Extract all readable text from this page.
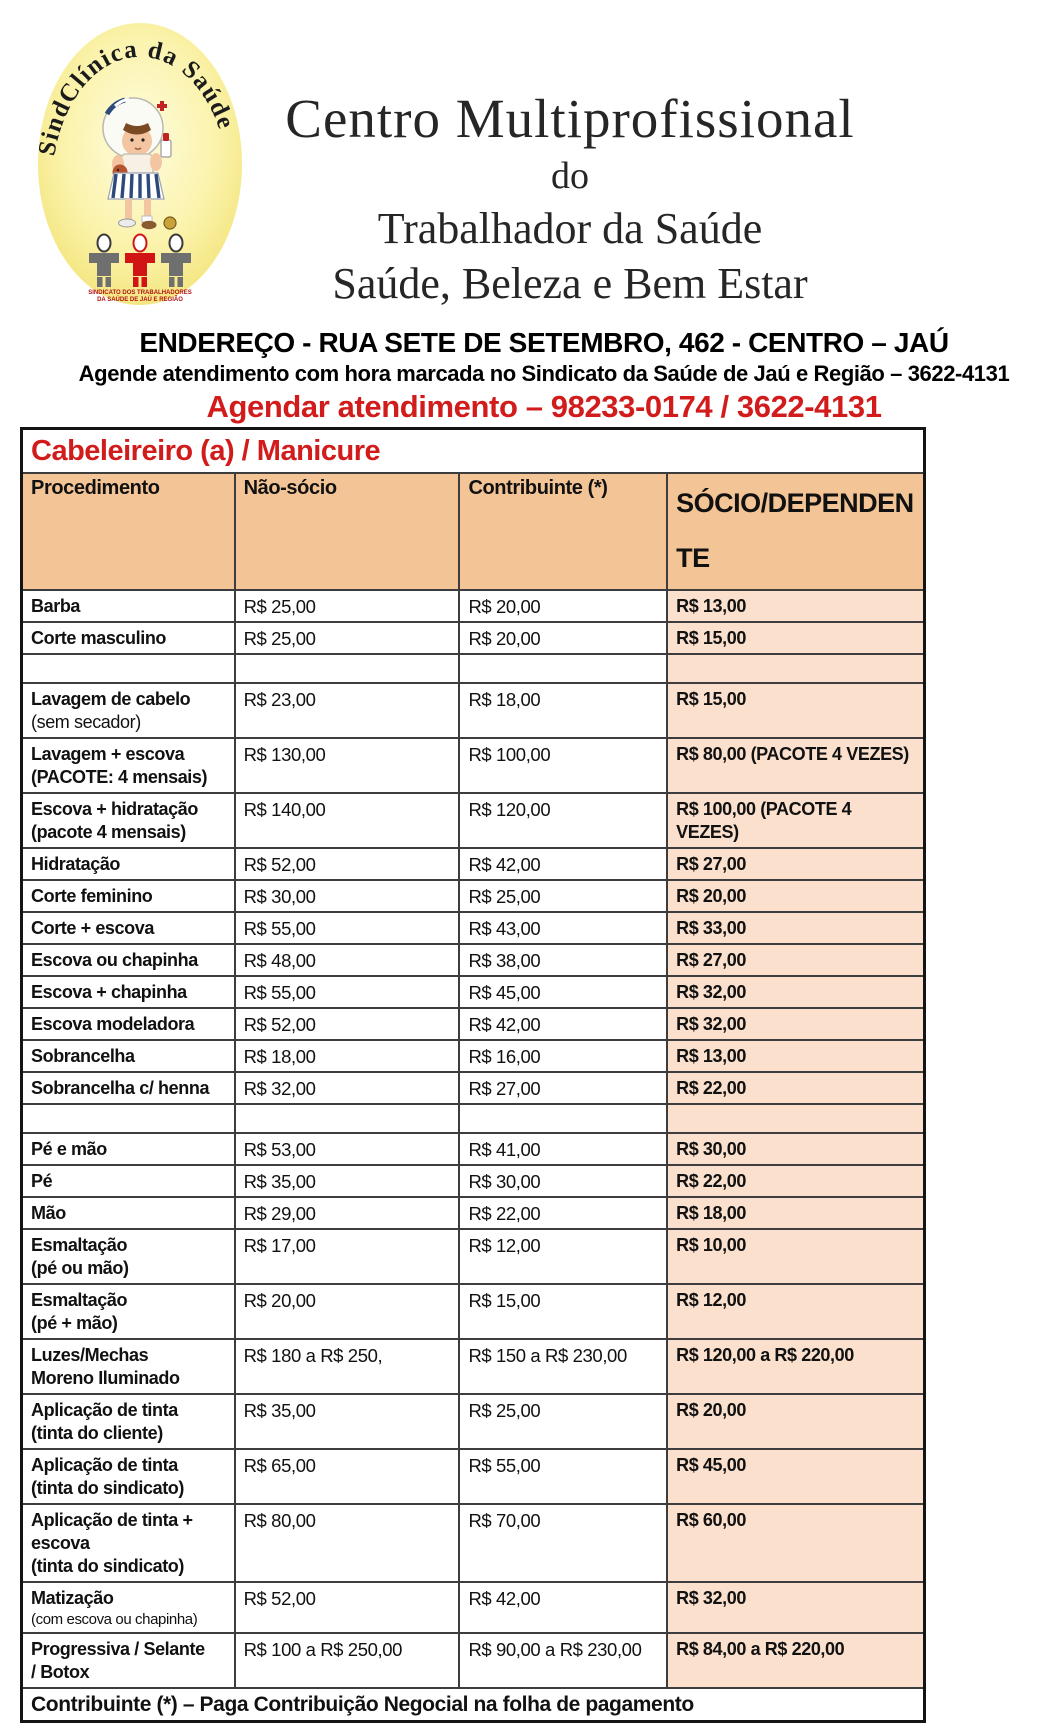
SindClínica da Saúde
SINDICATO DOS TRABALHADORES
DA SAÚDE DE JAÚ E REGIÃO
Centro Multiprofissional
do
Trabalhador da Saúde
Saúde, Beleza e Bem Estar
ENDEREÇO - RUA SETE DE SETEMBRO, 462 - CENTRO – JAÚ
Agende atendimento com hora marcada no Sindicato da Saúde de Jaú e Região – 3622-4131
Agendar atendimento – 98233-0174 / 3622-4131
Cabeleireiro (a) / Manicure			
Procedimento	Não-sócio	Contribuinte (*)	SÓCIO/DEPENDENTE

Barba	R$ 25,00	R$ 20,00	R$ 13,00

Corte masculino	R$ 25,00	R$ 20,00	R$ 15,00

Lavagem de cabelo
(sem secador)	R$ 23,00	R$ 18,00	R$ 15,00

Lavagem + escova
(PACOTE: 4 mensais)	R$ 130,00	R$ 100,00	R$ 80,00 (PACOTE 4 VEZES)

Escova + hidratação
(pacote 4 mensais)	R$ 140,00	R$ 120,00	R$ 100,00 (PACOTE 4 VEZES)

Hidratação	R$ 52,00	R$ 42,00	R$ 27,00

Corte feminino	R$ 30,00	R$ 25,00	R$ 20,00

Corte + escova	R$ 55,00	R$ 43,00	R$ 33,00

Escova ou chapinha	R$ 48,00	R$ 38,00	R$ 27,00

Escova + chapinha	R$ 55,00	R$ 45,00	R$ 32,00

Escova modeladora	R$ 52,00	R$ 42,00	R$ 32,00

Sobrancelha	R$ 18,00	R$ 16,00	R$ 13,00

Sobrancelha c/ henna	R$ 32,00	R$ 27,00	R$ 22,00

Pé e mão	R$ 53,00	R$ 41,00	R$ 30,00

Pé	R$ 35,00	R$ 30,00	R$ 22,00

Mão	R$ 29,00	R$ 22,00	R$ 18,00

Esmaltação
(pé ou mão)	R$ 17,00	R$ 12,00	R$ 10,00

Esmaltação
(pé + mão)	R$ 20,00	R$ 15,00	R$ 12,00

Luzes/Mechas
Moreno Iluminado	R$ 180 a R$ 250,	R$ 150 a R$ 230,00	R$ 120,00 a R$ 220,00

Aplicação de tinta
(tinta do cliente)	R$ 35,00	R$ 25,00	R$ 20,00

Aplicação de tinta
(tinta do sindicato)	R$ 65,00	R$ 55,00	R$ 45,00

Aplicação de tinta +
escova
(tinta do sindicato)	R$ 80,00	R$ 70,00	R$ 60,00

Matização
(com escova ou chapinha)	R$ 52,00	R$ 42,00	R$ 32,00

Progressiva / Selante
/ Botox	R$ 100 a R$ 250,00	R$ 90,00 a R$ 230,00	R$ 84,00 a R$ 220,00
Contribuinte (*) – Paga Contribuição Negocial na folha de pagamento			
